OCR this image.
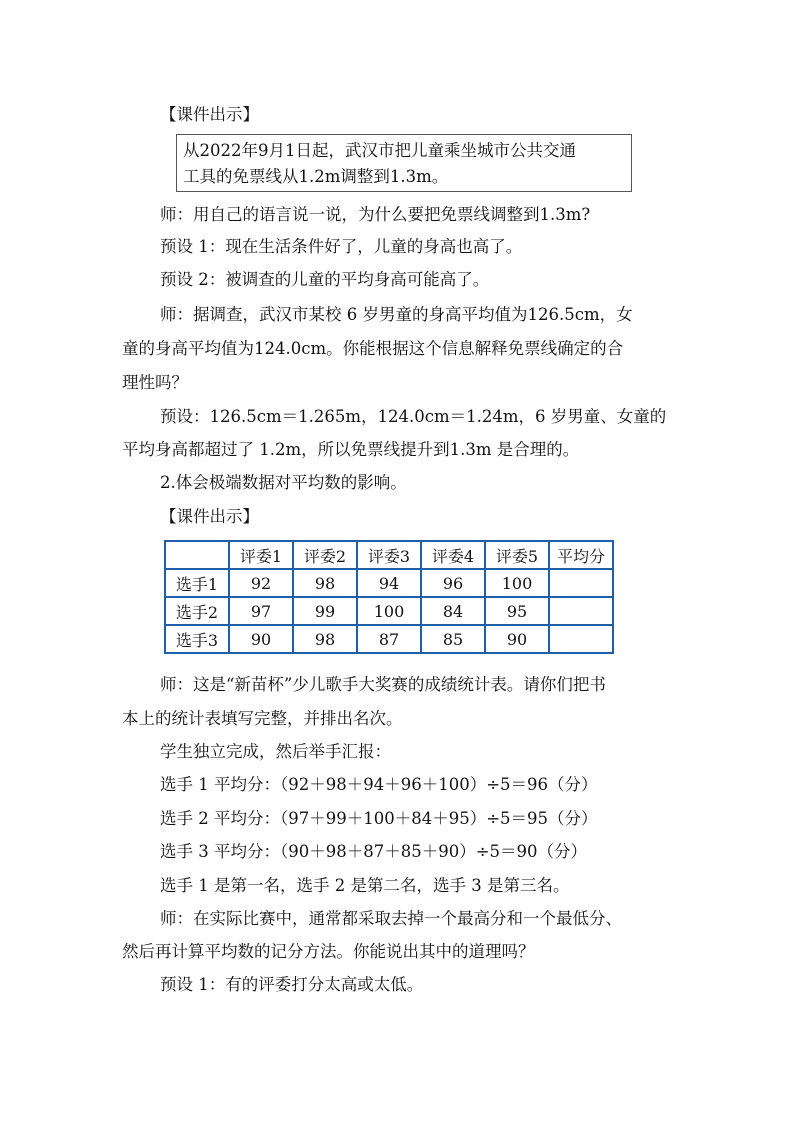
【课件出示】
从2022年9月1日起，武汉市把儿童乘坐城市公共交通
工具的免票线从1.2m调整到1.3m。
师：用自己的语言说一说，为什么要把免票线调整到1.3m?
预设 1：现在生活条件好了，儿童的身高也高了。
预设 2：被调查的儿童的平均身高可能高了。
师：据调查，武汉市某校 6 岁男童的身高平均值为126.5cm，女
童的身高平均值为124.0cm。你能根据这个信息解释免票线确定的合
理性吗？
预设：126.5cm＝1.265m，124.0cm＝1.24m，6 岁男童、女童的
平均身高都超过了 1.2m，所以免票线提升到1.3m 是合理的。
2.体会极端数据对平均数的影响。
【课件出示】
	评委1	评委2	评委3	评委4	评委5	平均分
选手1	92	98	94	96	100	
选手2	97	99	100	84	95	
选手3	90	98	87	85	90	
师：这是“新苗杯”少儿歌手大奖赛的成绩统计表。请你们把书
本上的统计表填写完整，并排出名次。
学生独立完成，然后举手汇报：
选手 1 平均分：（92＋98＋94＋96＋100）÷5＝96（分）
选手 2 平均分：（97＋99＋100＋84＋95）÷5＝95（分）
选手 3 平均分：（90＋98＋87＋85＋90）÷5＝90（分）
选手 1 是第一名，选手 2 是第二名，选手 3 是第三名。
师：在实际比赛中，通常都采取去掉一个最高分和一个最低分、
然后再计算平均数的记分方法。你能说出其中的道理吗？
预设 1：有的评委打分太高或太低。
